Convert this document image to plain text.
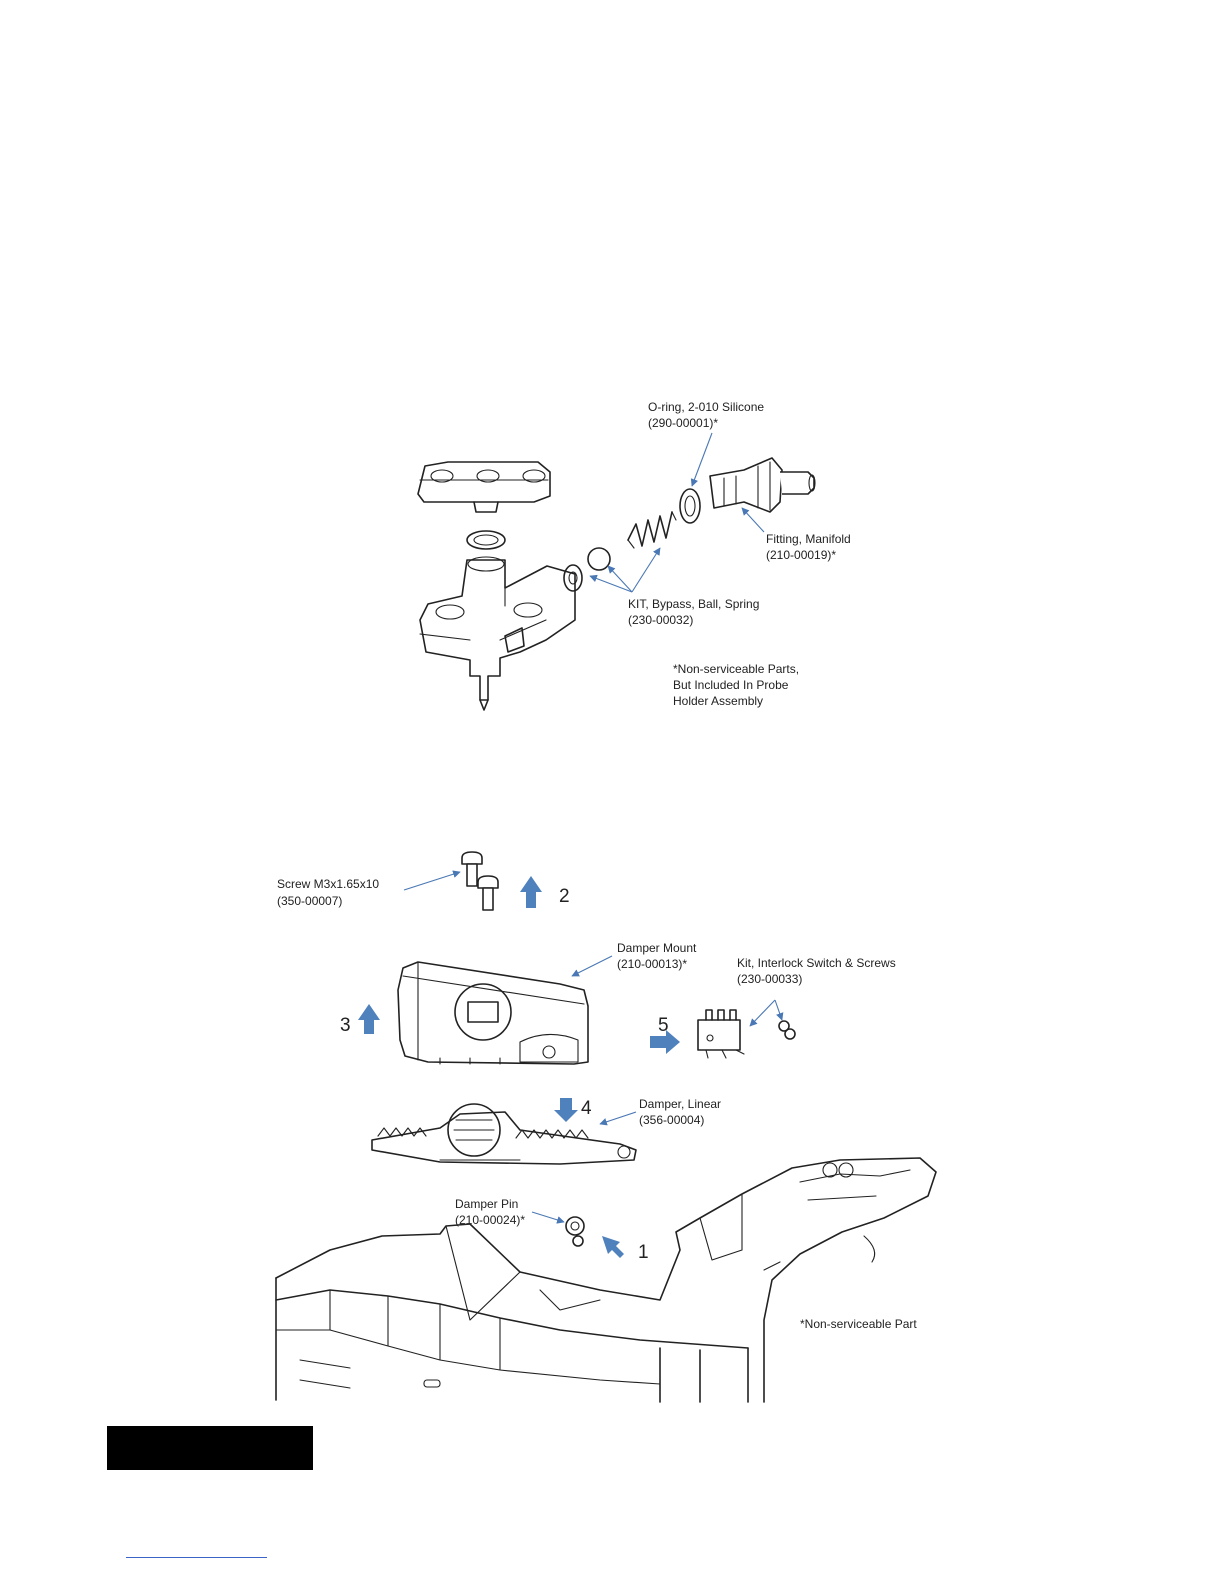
O-ring, 2-010 Silicone (290-00001)*
Fitting, Manifold (210-00019)*
KIT, Bypass, Ball, Spring (230-00032)
*Non-serviceable Parts, But Included In Probe Holder Assembly
1
2
3
4
5
Screw M3x1.65x10 (350-00007)
Damper Mount (210-00013)*	Kit, Interlock Switch & Screws (230-00033)
Damper, Linear (356-00004)
Damper Pin (210-00024)*
*Non-serviceable Part
